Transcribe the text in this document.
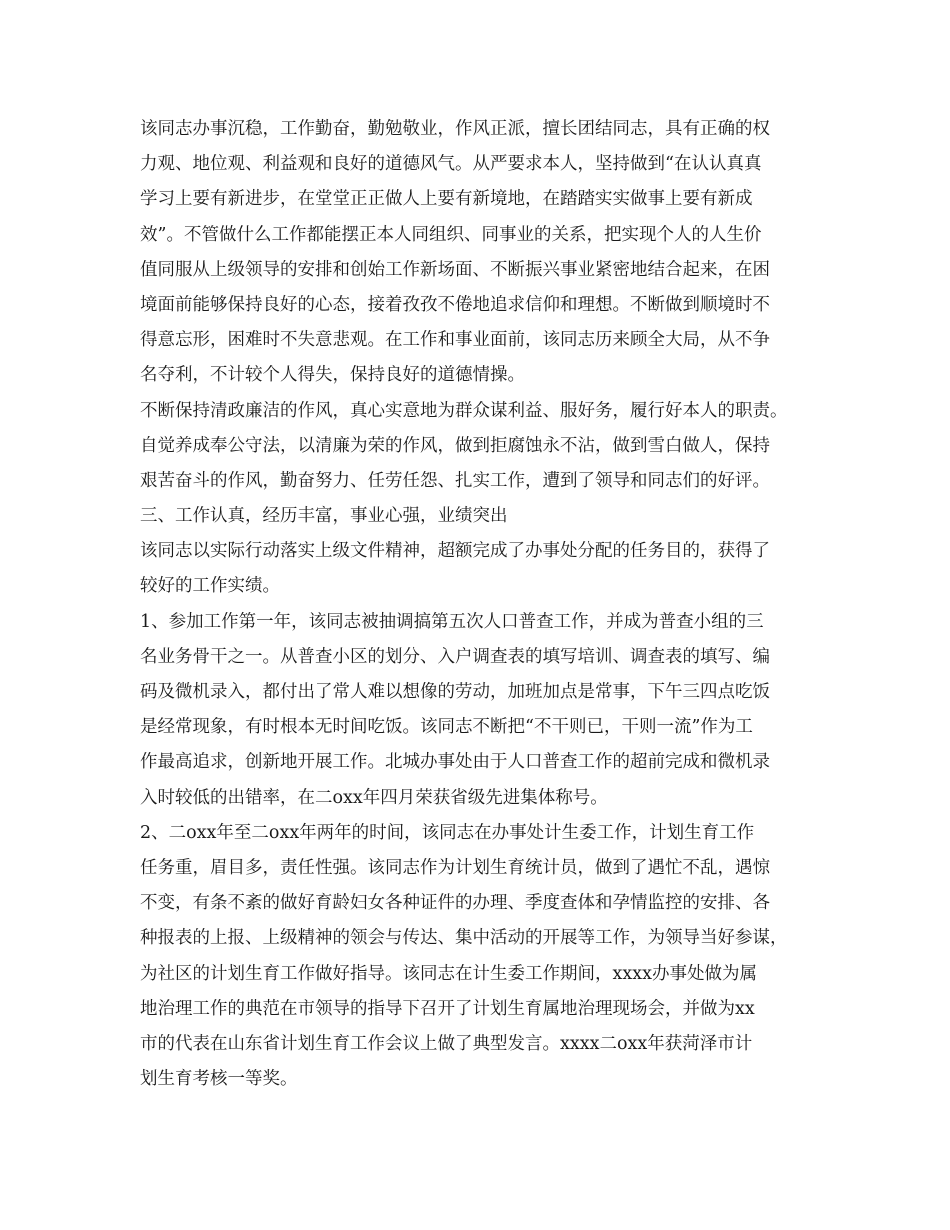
该同志办事沉稳，工作勤奋，勤勉敬业，作风正派，擅长团结同志，具有正确的权
力观、地位观、利益观和良好的道德风气。从严要求本人，坚持做到“在认认真真
学习上要有新进步，在堂堂正正做人上要有新境地，在踏踏实实做事上要有新成
效”。不管做什么工作都能摆正本人同组织、同事业的关系，把实现个人的人生价
值同服从上级领导的安排和创始工作新场面、不断振兴事业紧密地结合起来，在困
境面前能够保持良好的心态，接着孜孜不倦地追求信仰和理想。不断做到顺境时不
得意忘形，困难时不失意悲观。在工作和事业面前，该同志历来顾全大局，从不争
名夺利，不计较个人得失，保持良好的道德情操。
不断保持清政廉洁的作风，真心实意地为群众谋利益、服好务，履行好本人的职责。
自觉养成奉公守法，以清廉为荣的作风，做到拒腐蚀永不沾，做到雪白做人，保持
艰苦奋斗的作风，勤奋努力、任劳任怨、扎实工作，遭到了领导和同志们的好评。
三、工作认真，经历丰富，事业心强，业绩突出
该同志以实际行动落实上级文件精神，超额完成了办事处分配的任务目的，获得了
较好的工作实绩。
1、参加工作第一年，该同志被抽调搞第五次人口普查工作，并成为普查小组的三
名业务骨干之一。从普查小区的划分、入户调查表的填写培训、调查表的填写、编
码及微机录入，都付出了常人难以想像的劳动，加班加点是常事，下午三四点吃饭
是经常现象，有时根本无时间吃饭。该同志不断把“不干则已，干则一流”作为工
作最高追求，创新地开展工作。北城办事处由于人口普查工作的超前完成和微机录
入时较低的出错率，在二oxx年四月荣获省级先进集体称号。
2、二oxx年至二oxx年两年的时间，该同志在办事处计生委工作，计划生育工作
任务重，眉目多，责任性强。该同志作为计划生育统计员，做到了遇忙不乱，遇惊
不变，有条不紊的做好育龄妇女各种证件的办理、季度查体和孕情监控的安排、各
种报表的上报、上级精神的领会与传达、集中活动的开展等工作，为领导当好参谋，
为社区的计划生育工作做好指导。该同志在计生委工作期间，xxxx办事处做为属
地治理工作的典范在市领导的指导下召开了计划生育属地治理现场会，并做为xx
市的代表在山东省计划生育工作会议上做了典型发言。xxxx二oxx年获菏泽市计
划生育考核一等奖。
